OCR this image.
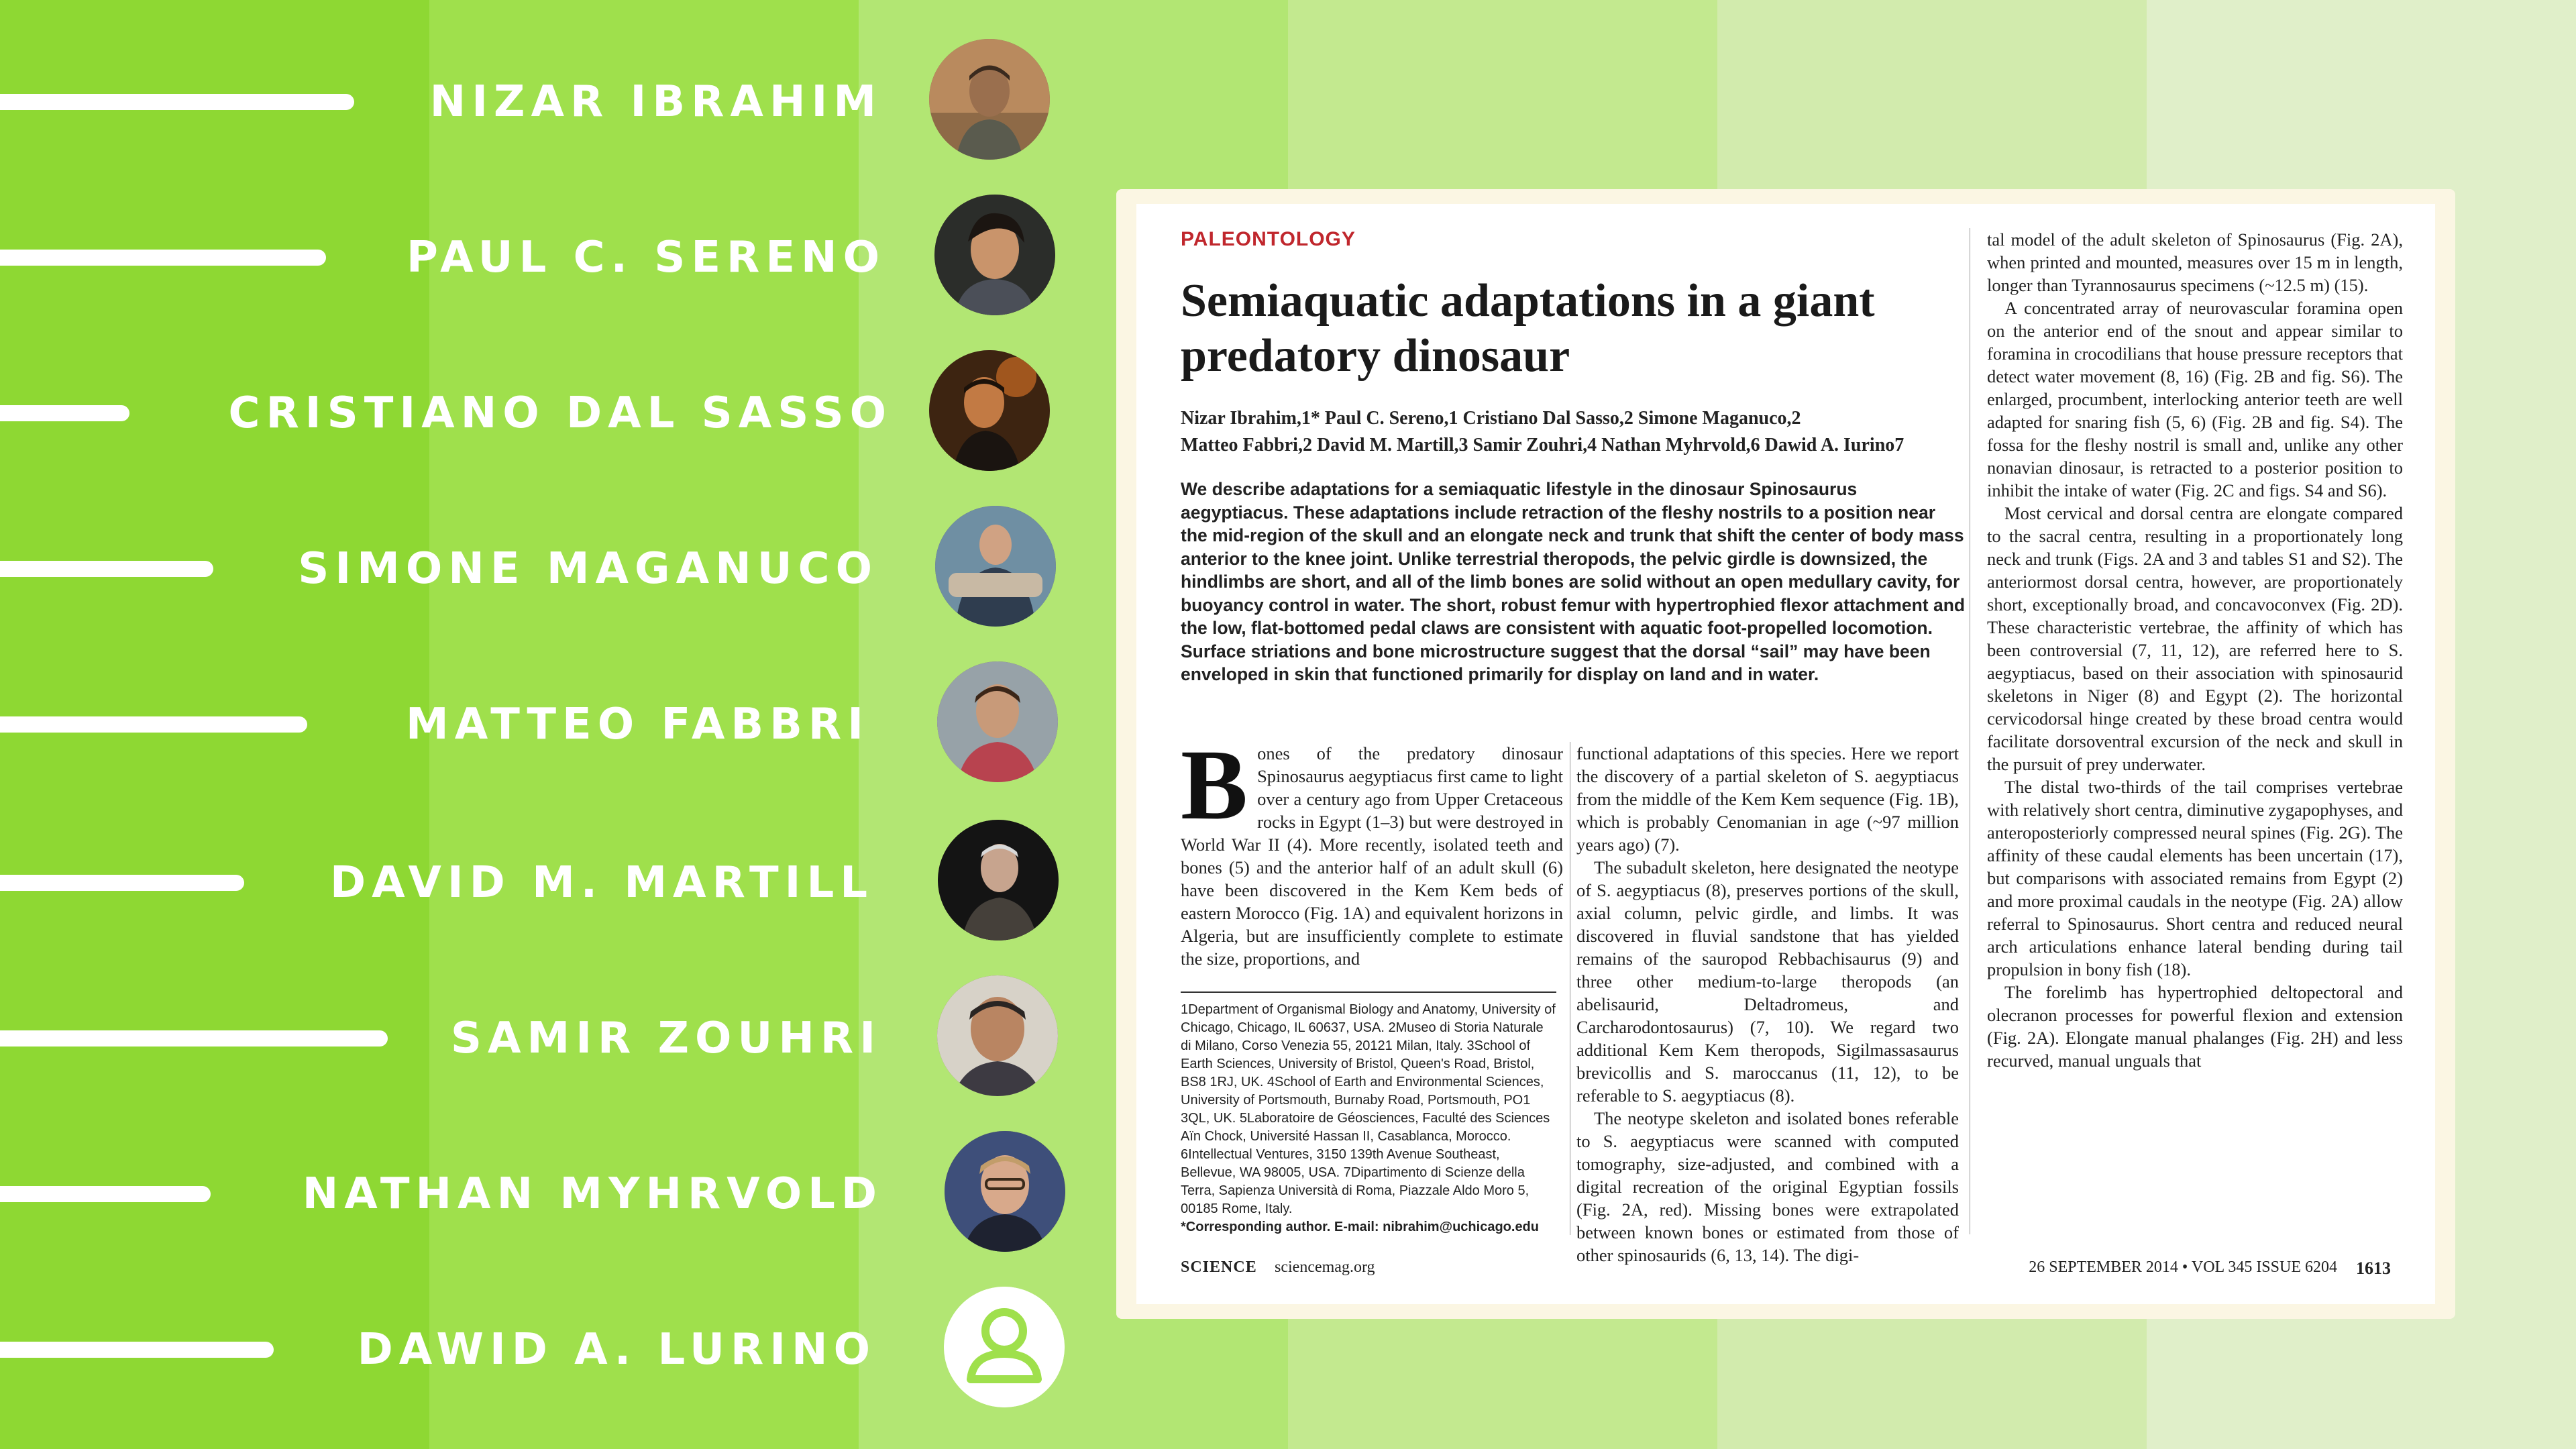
NIZAR IBRAHIM
PAUL C. SERENO
CRISTIANO DAL SASSO
SIMONE MAGANUCO
MATTEO FABBRI
DAVID M. MARTILL
SAMIR ZOUHRI
NATHAN MYHRVOLD
DAWID A. LURINO
PALEONTOLOGY
Semiaquatic adaptations in a giant predatory dinosaur
Nizar Ibrahim,1* Paul C. Sereno,1 Cristiano Dal Sasso,2 Simone Maganuco,2
Matteo Fabbri,2 David M. Martill,3 Samir Zouhri,4 Nathan Myhrvold,6 Dawid A. Iurino7
We describe adaptations for a semiaquatic lifestyle in the dinosaur Spinosaurus aegyptiacus. These adaptations include retraction of the fleshy nostrils to a position near the mid-region of the skull and an elongate neck and trunk that shift the center of body mass anterior to the knee joint. Unlike terrestrial theropods, the pelvic girdle is downsized, the hindlimbs are short, and all of the limb bones are solid without an open medullary cavity, for buoyancy control in water. The short, robust femur with hypertrophied flexor attachment and the low, flat-bottomed pedal claws are consistent with aquatic foot-propelled locomotion. Surface striations and bone microstructure suggest that the dorsal “sail” may have been enveloped in skin that functioned primarily for display on land and in water.
B ones of the predatory dinosaur Spinosaurus aegyptiacus first came to light over a century ago from Upper Cretaceous rocks in Egypt (1–3) but were destroyed in World War II (4). More recently, isolated teeth and bones (5) and the anterior half of an adult skull (6) have been discovered in the Kem Kem beds of eastern Morocco (Fig. 1A) and equivalent horizons in Algeria, but are insufficiently complete to estimate the size, proportions, and
1Department of Organismal Biology and Anatomy, University of Chicago, Chicago, IL 60637, USA. 2Museo di Storia Naturale di Milano, Corso Venezia 55, 20121 Milan, Italy. 3School of Earth Sciences, University of Bristol, Queen's Road, Bristol, BS8 1RJ, UK. 4School of Earth and Environmental Sciences, University of Portsmouth, Burnaby Road, Portsmouth, PO1 3QL, UK. 5Laboratoire de Géosciences, Faculté des Sciences Aïn Chock, Université Hassan II, Casablanca, Morocco. 6Intellectual Ventures, 3150 139th Avenue Southeast, Bellevue, WA 98005, USA. 7Dipartimento di Scienze della Terra, Sapienza Università di Roma, Piazzale Aldo Moro 5, 00185 Rome, Italy.
*Corresponding author. E-mail: nibrahim@uchicago.edu

functional adaptations of this species. Here we report the discovery of a partial skeleton of S. aegyptiacus from the middle of the Kem Kem sequence (Fig. 1B), which is probably Cenomanian in age (~97 million years ago) (7).

The subadult skeleton, here designated the neotype of S. aegyptiacus (8), preserves portions of the skull, axial column, pelvic girdle, and limbs. It was discovered in fluvial sandstone that has yielded remains of the sauropod Rebbachisaurus (9) and three other medium-to-large theropods (an abelisaurid, Deltadromeus, and Carcharodontosaurus) (7, 10). We regard two additional Kem Kem theropods, Sigilmassasaurus brevicollis and S. maroccanus (11, 12), to be referable to S. aegyptiacus (8).

The neotype skeleton and isolated bones referable to S. aegyptiacus were scanned with computed tomography, size-adjusted, and combined with a digital recreation of the original Egyptian fossils (Fig. 2A, red). Missing bones were extrapolated between known bones or estimated from those of other spinosaurids (6, 13, 14). The digi-

tal model of the adult skeleton of Spinosaurus (Fig. 2A), when printed and mounted, measures over 15 m in length, longer than Tyrannosaurus specimens (~12.5 m) (15).

A concentrated array of neurovascular foramina open on the anterior end of the snout and appear similar to foramina in crocodilians that house pressure receptors that detect water movement (8, 16) (Fig. 2B and fig. S6). The enlarged, procumbent, interlocking anterior teeth are well adapted for snaring fish (5, 6) (Fig. 2B and fig. S4). The fossa for the fleshy nostril is small and, unlike any other nonavian dinosaur, is retracted to a posterior position to inhibit the intake of water (Fig. 2C and figs. S4 and S6).

Most cervical and dorsal centra are elongate compared to the sacral centra, resulting in a proportionately long neck and trunk (Figs. 2A and 3 and tables S1 and S2). The anteriormost dorsal centra, however, are proportionately short, exceptionally broad, and concavoconvex (Fig. 2D). These characteristic vertebrae, the affinity of which has been controversial (7, 11, 12), are referred here to S. aegyptiacus, based on their association with spinosaurid skeletons in Niger (8) and Egypt (2). The horizontal cervicodorsal hinge created by these broad centra would facilitate dorsoventral excursion of the neck and skull in the pursuit of prey underwater.

The distal two-thirds of the tail comprises vertebrae with relatively short centra, diminutive zygapophyses, and anteroposteriorly compressed neural spines (Fig. 2G). The affinity of these caudal elements has been uncertain (17), but comparisons with associated remains from Egypt (2) and more proximal caudals in the neotype (Fig. 2A) allow referral to Spinosaurus. Short centra and reduced neural arch articulations enhance lateral bending during tail propulsion in bony fish (18).

The forelimb has hypertrophied deltopectoral and olecranon processes for powerful flexion and extension (Fig. 2A). Elongate manual phalanges (Fig. 2H) and less recurved, manual unguals that

SCIENCE sciencemag.org	26 SEPTEMBER 2014 • VOL 345 ISSUE 6204 1613
